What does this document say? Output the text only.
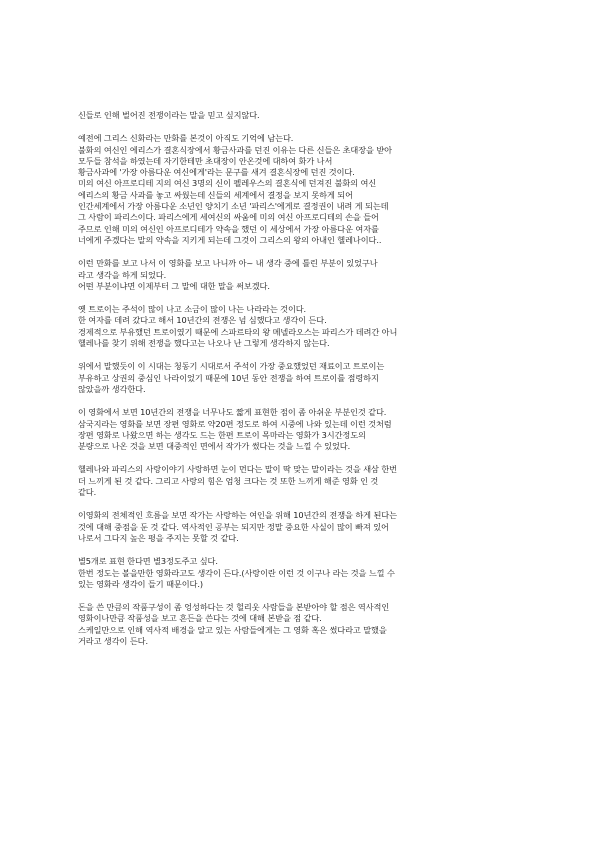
신들로 인해 벌어진 전쟁이라는 말을 믿고 싶지않다.
예전에 그리스 신화라는 만화를 본것이 아직도 기억에 남는다.
불화의 여신인 에리스가 결혼식장에서 황금사과를 던진 이유는 다른 신들은 초대장을 받아
모두들 참석을 하였는데 자기한테만 초대장이 안온것에 대하여 화가 나서
황금사과에 '가장 아름다운 여신에게'라는 문구를 새겨 결혼식장에 던진 것이다.
미의 여신 아프로디테 지의 여신 3명의 신이 펠레우스의 결혼식에 던져진 불화의 여신
에리스의 황금 사과를 놓고 싸웠는데 신들의 세계에서 결정을 보지 못하게 되어
인간세계에서 가장 아름다운 소년인 양치기 소년 '파리스'에게로 결정권이 내려 게 되는데
그 사람이 파리스이다. 파리스에게 세여신의 싸움에 미의 여신 아프로디테의 손을 들어
주므로 인해 미의 여신인 아프로디테가 약속을 했던 이 세상에서 가장 아름다운 여자를
너에게 주겠다는 말의 약속을 지키게 되는데 그것이 그리스의 왕의 아내인 헬레나이다..
이런 만화를 보고 나서 이 영화를 보고 나니까 아~ 내 생각 중에 틀린 부분이 있었구나
라고 생각을 하게 되었다.
어떤 부분이냐면 이제부터 그 말에 대한 말을 써보겠다.
옛 트로이는 주석이 많이 나고 소금이 많이 나는 나라라는 것이다.
한 여자를 데려 갔다고 해서 10년간의 전쟁은 넘 심했다고 생각이 든다.
경제적으로 부유했던 트로이였기 때문에 스파르타의 왕 메넬라오스는 파리스가 데려간 아니
헬레나를 찾기 위해 전쟁을 했다고는 나오나 난 그렇게 생각하지 않는다.
위에서 말했듯이 이 시대는 청동기 시대로서 주석이 가장 중요했었던 재료이고 트로이는
부유하고 상권의 중심인 나라이었기 때문에 10년 동안 전쟁을 하여 트로이를 점령하지
않았을까 생각한다.
이 영화에서 보면 10년간의 전쟁을 너무나도 짧게 표현한 점이 좀 아쉬운 부분인것 같다.
삼국지라는 영화를 보면 장편 영화로 약20편 정도로 하여 시중에 나와 있는데 이런 것처럼
장편 영화로 나왔으면 하는 생각도 드는 한편 트로이 목마라는 영화가 3시간정도의
분량으로 나온 것을 보면 대중적인 면에서 작가가 썼다는 것을 느낄 수 있었다.
헬레나와 파리스의 사랑이야기 사랑하면 눈이 먼다는 말이 딱 맞는 말이라는 것을 새삼 한번
더 느끼게 된 것 같다. 그리고 사랑의 힘은 엄청 크다는 것 또한 느끼게 해준 영화 인 것
같다.
이영화의 전체적인 흐름을 보면 작가는 사랑하는 여인을 위해 10년간의 전쟁을 하게 된다는
것에 대해 중점을 둔 것 같다. 역사적인 공부는 되지만 정말 중요한 사실이 많이 빠져 있어
나로서 그다지 높은 평을 주지는 못할 것 같다.
별5개로 표현 한다면 별3정도주고 싶다.
한번 정도는 볼을만한 영화라고도 생각이 든다.(사랑이란 이런 것 이구나 라는 것을 느낄 수
있는 영화라 생각이 들기 때문이다.)
돈을 쓴 만큼의 작품구성이 좀 엉성하다는 것 헐리웃 사람들을 본받아야 할 점은 역사적인
영화이나만큼 작품성을 보고 흔든을 쓴다는 것에 대해 본받을 점 같다.
스케일만으로 인해 역사적 배경을 알고 있는 사람들에게는 그 영화 혹은 썼다라고 말했을
거라고 생각이 든다.
